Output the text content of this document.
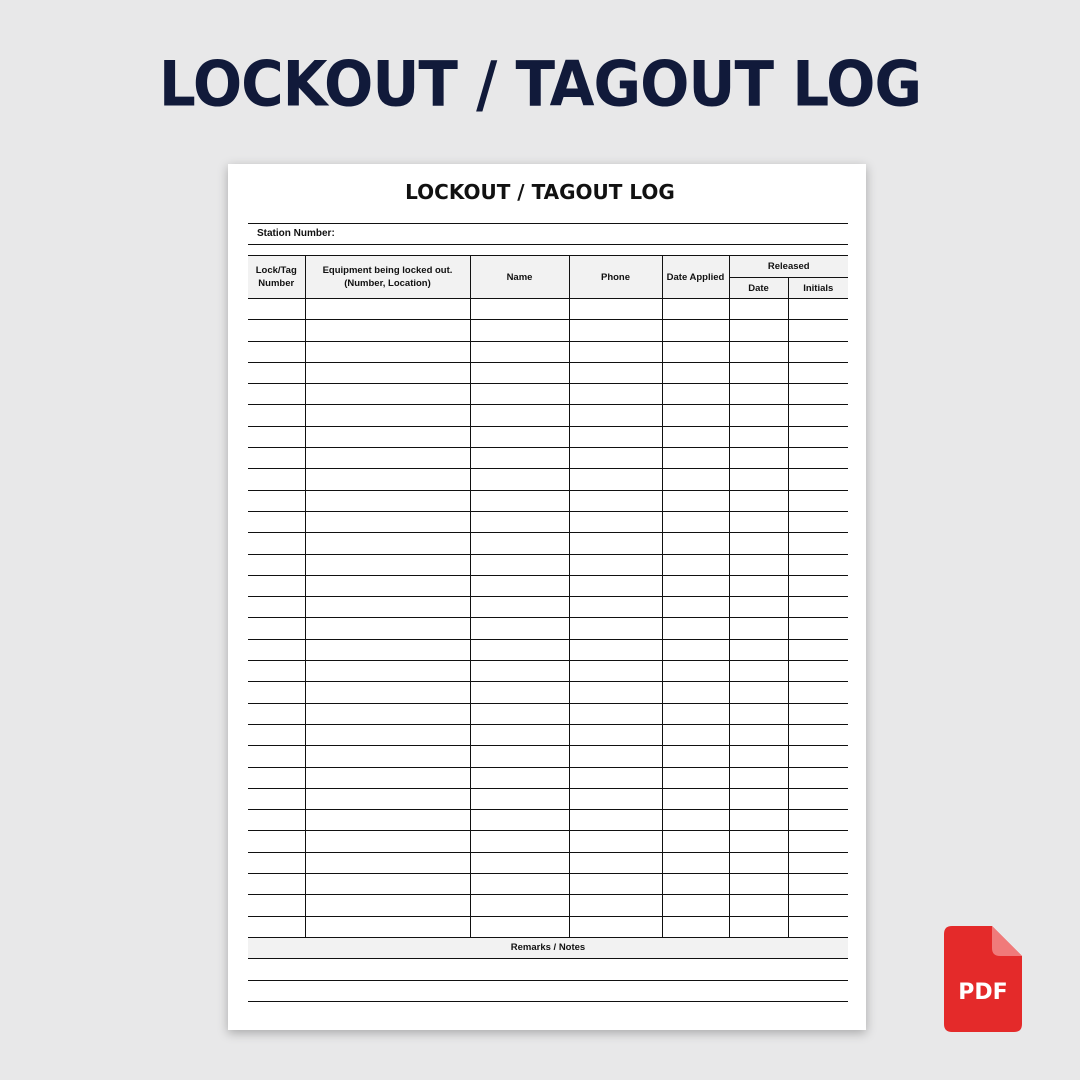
LOCKOUT / TAGOUT LOG
LOCKOUT / TAGOUT LOG
Station Number:
Lock/Tag Number	Equipment being locked out. (Number, Location)	Name	Phone	Date Applied	Released	
					Date	Initials

Remarks / Notes
PDF
